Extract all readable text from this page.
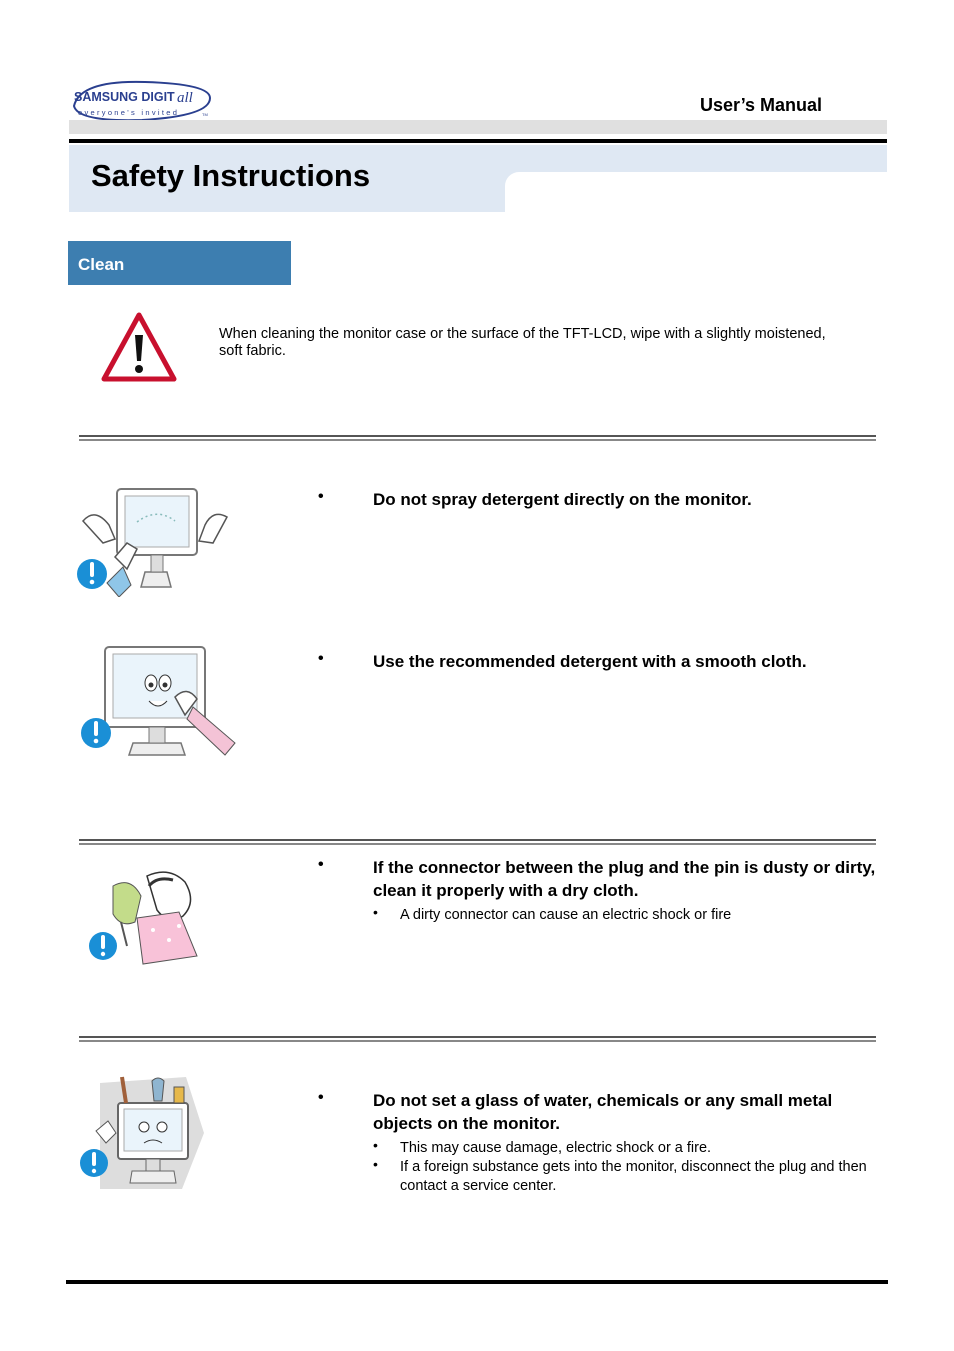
SAMSUNG DIGIT all
everyone's invited	TM	User’s Manual
Safety Instructions
Clean
When cleaning the monitor case or the surface of the TFT-LCD, wipe with a slightly moistened, soft fabric.
•	Do not spray detergent directly on the monitor.
•	Use the recommended detergent with a smooth cloth.
•	If the connector between the plug and the pin is dusty or dirty, clean it properly with a dry cloth.
• A dirty connector can cause an electric shock or fire
•	Do not set a glass of water, chemicals or any small metal objects on the monitor.
• This may cause damage, electric shock or a fire.
• If a foreign substance gets into the monitor, disconnect the plug and then contact a service center.
